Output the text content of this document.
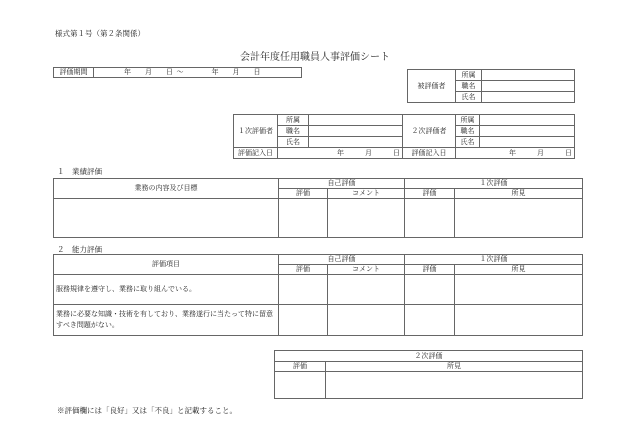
様式第１号（第２条関係）
会計年度任用職員人事評価シート
評価期間	年   月   日  ～    	年   月   日
被評価者	所属	
	職名	
	氏名	
１次評価者	所属		２次評価者	所属	
	職名			職名	
	氏名			氏名	
評価記入日	年    月    日		評価記入日	年    月    日	
１　業績評価
業務の内容及び目標	自己評価		１次評価	
	評価	コメント	評価	所見

２　能力評価
評価項目	自己評価		１次評価	
	評価	コメント	評価	所見
服務規律を遵守し、業務に取り組んでいる。				
業務に必要な知識・技術を有しており、業務遂行に当たって特に留意すべき問題がない。				
２次評価	
評価	所見

※評価欄には「良好」又は「不良」と記載すること。
